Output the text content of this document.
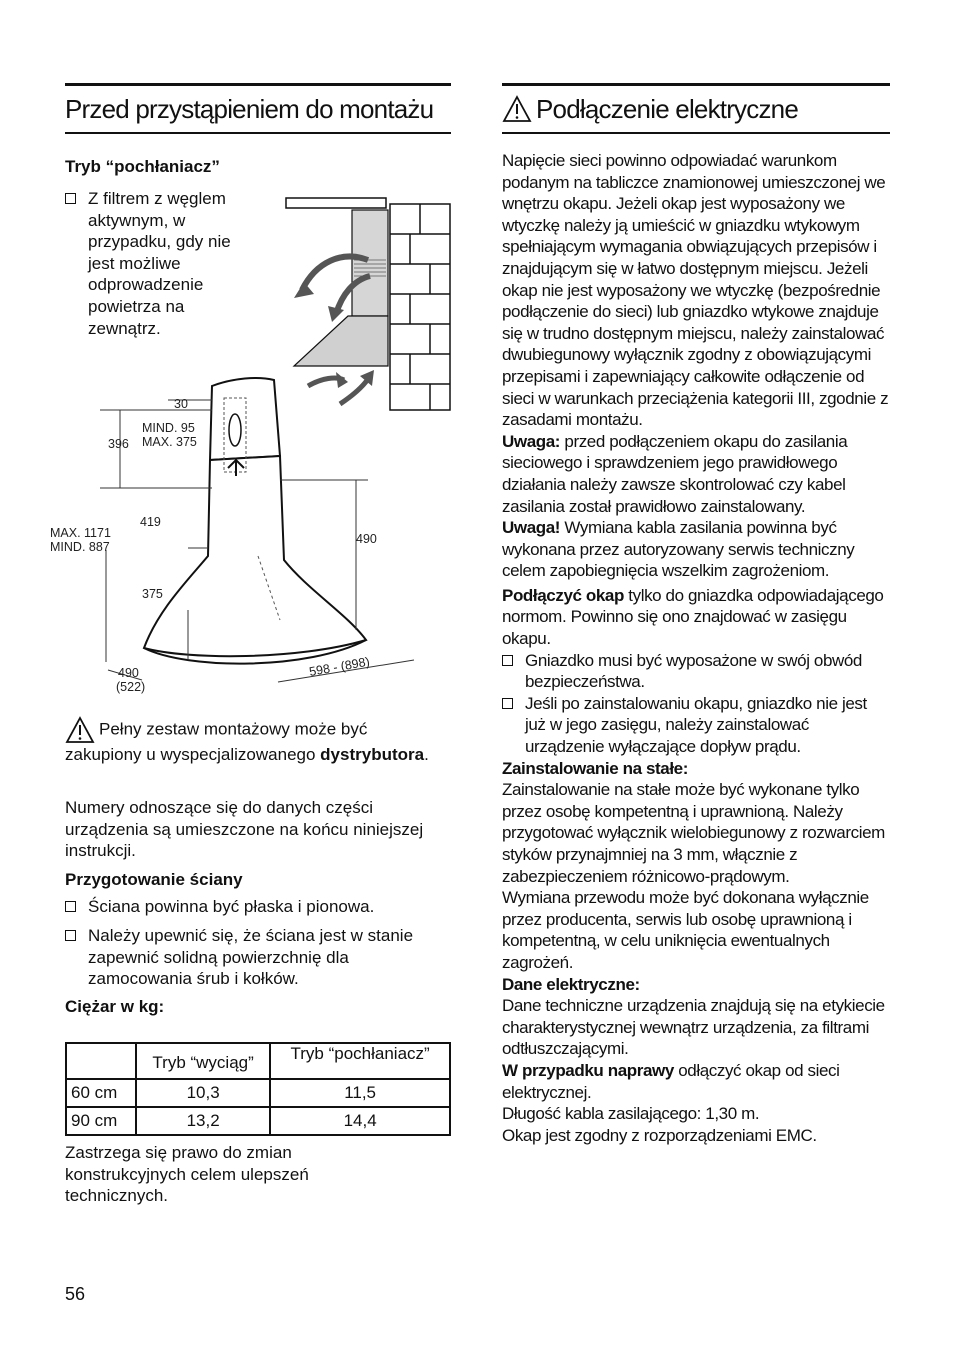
Przed przystąpieniem do montażu

Tryb “pochłaniacz”

Z filtrem z węglem aktywnym, w przypadku, gdy nie jest możliwe odprowadzenie powietrza na zewnątrz.
30
MIND. 95
MAX. 375
396
419
MAX. 1171
MIND. 887
490
375
490
(522)
598 - (898)
Pełny zestaw montażowy może być zakupiony u wyspecjalizowanego dystrybutora.

Numery odnoszące się do danych części urządzenia są umieszczone na końcu niniejszej instrukcji.

Przygotowanie ściany

Ściana powinna być płaska i pionowa.
Należy upewnić się, że ściana jest w stanie zapewnić solidną powierzchnię dla zamocowania śrub i kołków.

Ciężar w kg:

	Tryb “wyciąg”	Tryb “pochłaniacz”
60 cm	10,3	11,5
90 cm	13,2	14,4

Zastrzega się prawo do zmian konstrukcyjnych celem ulepszeń technicznych.

Podłączenie elektryczne

Napięcie sieci powinno odpowiadać warunkom podanym na tabliczce znamionowej umieszczonej we wnętrzu okapu. Jeżeli okap jest wyposażony we wtyczkę należy ją umieścić w gniazdku wtykowym spełniającym wymagania obwiązujących przepisów i znajdującym się w łatwo dostępnym miejscu. Jeżeli okap nie jest wyposażony we wtyczkę (bezpośrednie podłączenie do sieci) lub gniazdko wtykowe znajduje się w trudno dostępnym miejscu, należy zainstalować dwubiegunowy wyłącznik zgodny z obowiązującymi przepisami i zapewniający całkowite odłączenie od sieci w warunkach przeciążenia kategorii III, zgodnie z zasadami montażu.

Uwaga: przed podłączeniem okapu do zasilania sieciowego i sprawdzeniem jego prawidłowego działania należy zawsze skontrolować czy kabel zasilania został prawidłowo zainstalowany.

Uwaga! Wymiana kabla zasilania powinna być wykonana przez autoryzowany serwis techniczny celem zapobiegnięcia wszelkim zagrożeniom.

Podłączyć okap tylko do gniazdka odpowiadającego normom. Powinno się ono znajdować w zasięgu okapu.

Gniazdko musi być wyposażone w swój obwód bezpieczeństwa.
Jeśli po zainstalowaniu okapu, gniazdko nie jest już w jego zasięgu, należy zainstalować urządzenie wyłączające dopływ prądu.

Zainstalowanie na stałe:

Zainstalowanie na stałe może być wykonane tylko przez osobę kompetentną i uprawnioną. Należy przygotować wyłącznik wielobiegunowy z rozwarciem styków przynajmniej na 3 mm, włącznie z zabezpieczeniem różnicowo-prądowym.

Wymiana przewodu może być dokonana wyłącznie przez producenta, serwis lub osobę uprawnioną i kompetentną, w celu uniknięcia ewentualnych zagrożeń.

Dane elektryczne:

Dane techniczne urządzenia znajdują się na etykiecie charakterystycznej wewnątrz urządzenia, za filtrami odtłuszczającymi.

W przypadku naprawy odłączyć okap od sieci elektrycznej.

Długość kabla zasilającego: 1,30 m.

Okap jest zgodny z rozporządzeniami EMC.

56
